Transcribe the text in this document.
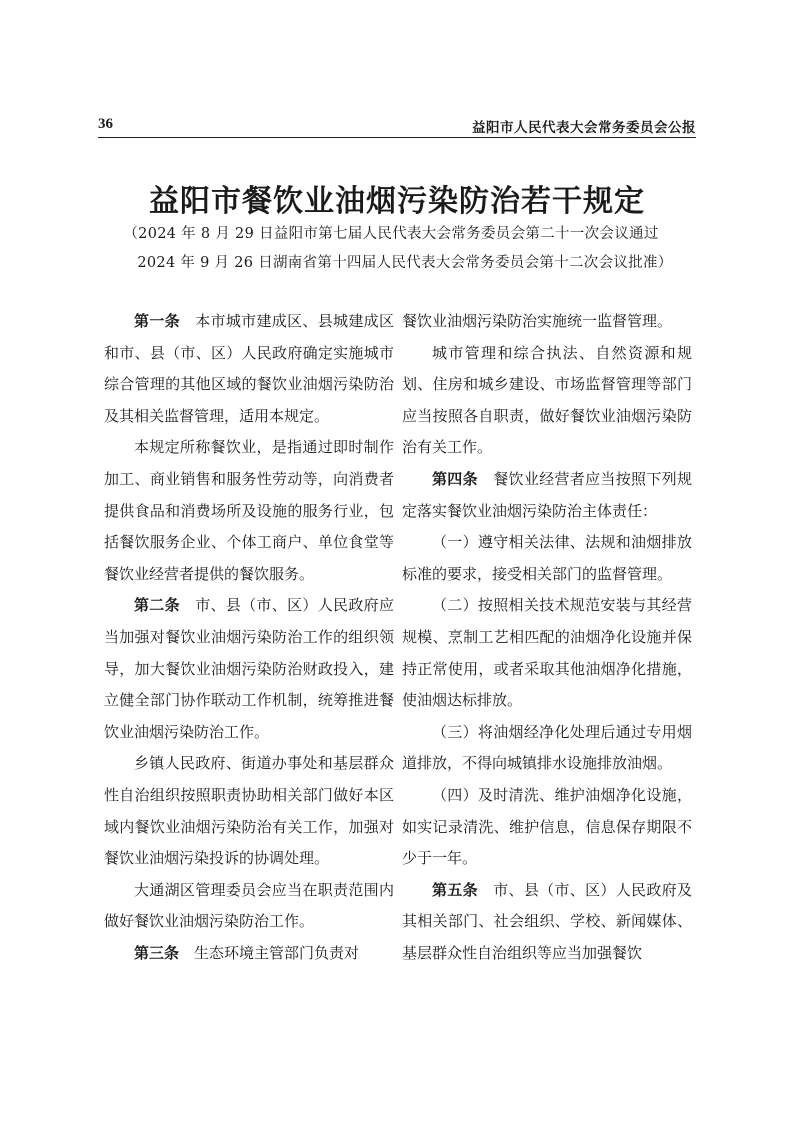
36	益阳市人民代表大会常务委员会公报
益阳市餐饮业油烟污染防治若干规定
（2024 年 8 月 29 日益阳市第七届人民代表大会常务委员会第二十一次会议通过
2024 年 9 月 26 日湖南省第十四届人民代表大会常务委员会第十二次会议批准）

第一条　本市城市建成区、县城建成区和市、县（市、区）人民政府确定实施城市综合管理的其他区域的餐饮业油烟污染防治及其相关监督管理，适用本规定。

本规定所称餐饮业，是指通过即时制作加工、商业销售和服务性劳动等，向消费者提供食品和消费场所及设施的服务行业，包括餐饮服务企业、个体工商户、单位食堂等餐饮业经营者提供的餐饮服务。

第二条　市、县（市、区）人民政府应当加强对餐饮业油烟污染防治工作的组织领导，加大餐饮业油烟污染防治财政投入，建立健全部门协作联动工作机制，统筹推进餐饮业油烟污染防治工作。

乡镇人民政府、街道办事处和基层群众性自治组织按照职责协助相关部门做好本区域内餐饮业油烟污染防治有关工作，加强对餐饮业油烟污染投诉的协调处理。

大通湖区管理委员会应当在职责范围内做好餐饮业油烟污染防治工作。

第三条　生态环境主管部门负责对

餐饮业油烟污染防治实施统一监督管理。

城市管理和综合执法、自然资源和规划、住房和城乡建设、市场监督管理等部门应当按照各自职责，做好餐饮业油烟污染防治有关工作。

第四条　餐饮业经营者应当按照下列规定落实餐饮业油烟污染防治主体责任：

（一）遵守相关法律、法规和油烟排放标准的要求，接受相关部门的监督管理。

（二）按照相关技术规范安装与其经营规模、烹制工艺相匹配的油烟净化设施并保持正常使用，或者采取其他油烟净化措施，使油烟达标排放。

（三）将油烟经净化处理后通过专用烟道排放，不得向城镇排水设施排放油烟。

（四）及时清洗、维护油烟净化设施，如实记录清洗、维护信息，信息保存期限不少于一年。

第五条　市、县（市、区）人民政府及其相关部门、社会组织、学校、新闻媒体、基层群众性自治组织等应当加强餐饮
